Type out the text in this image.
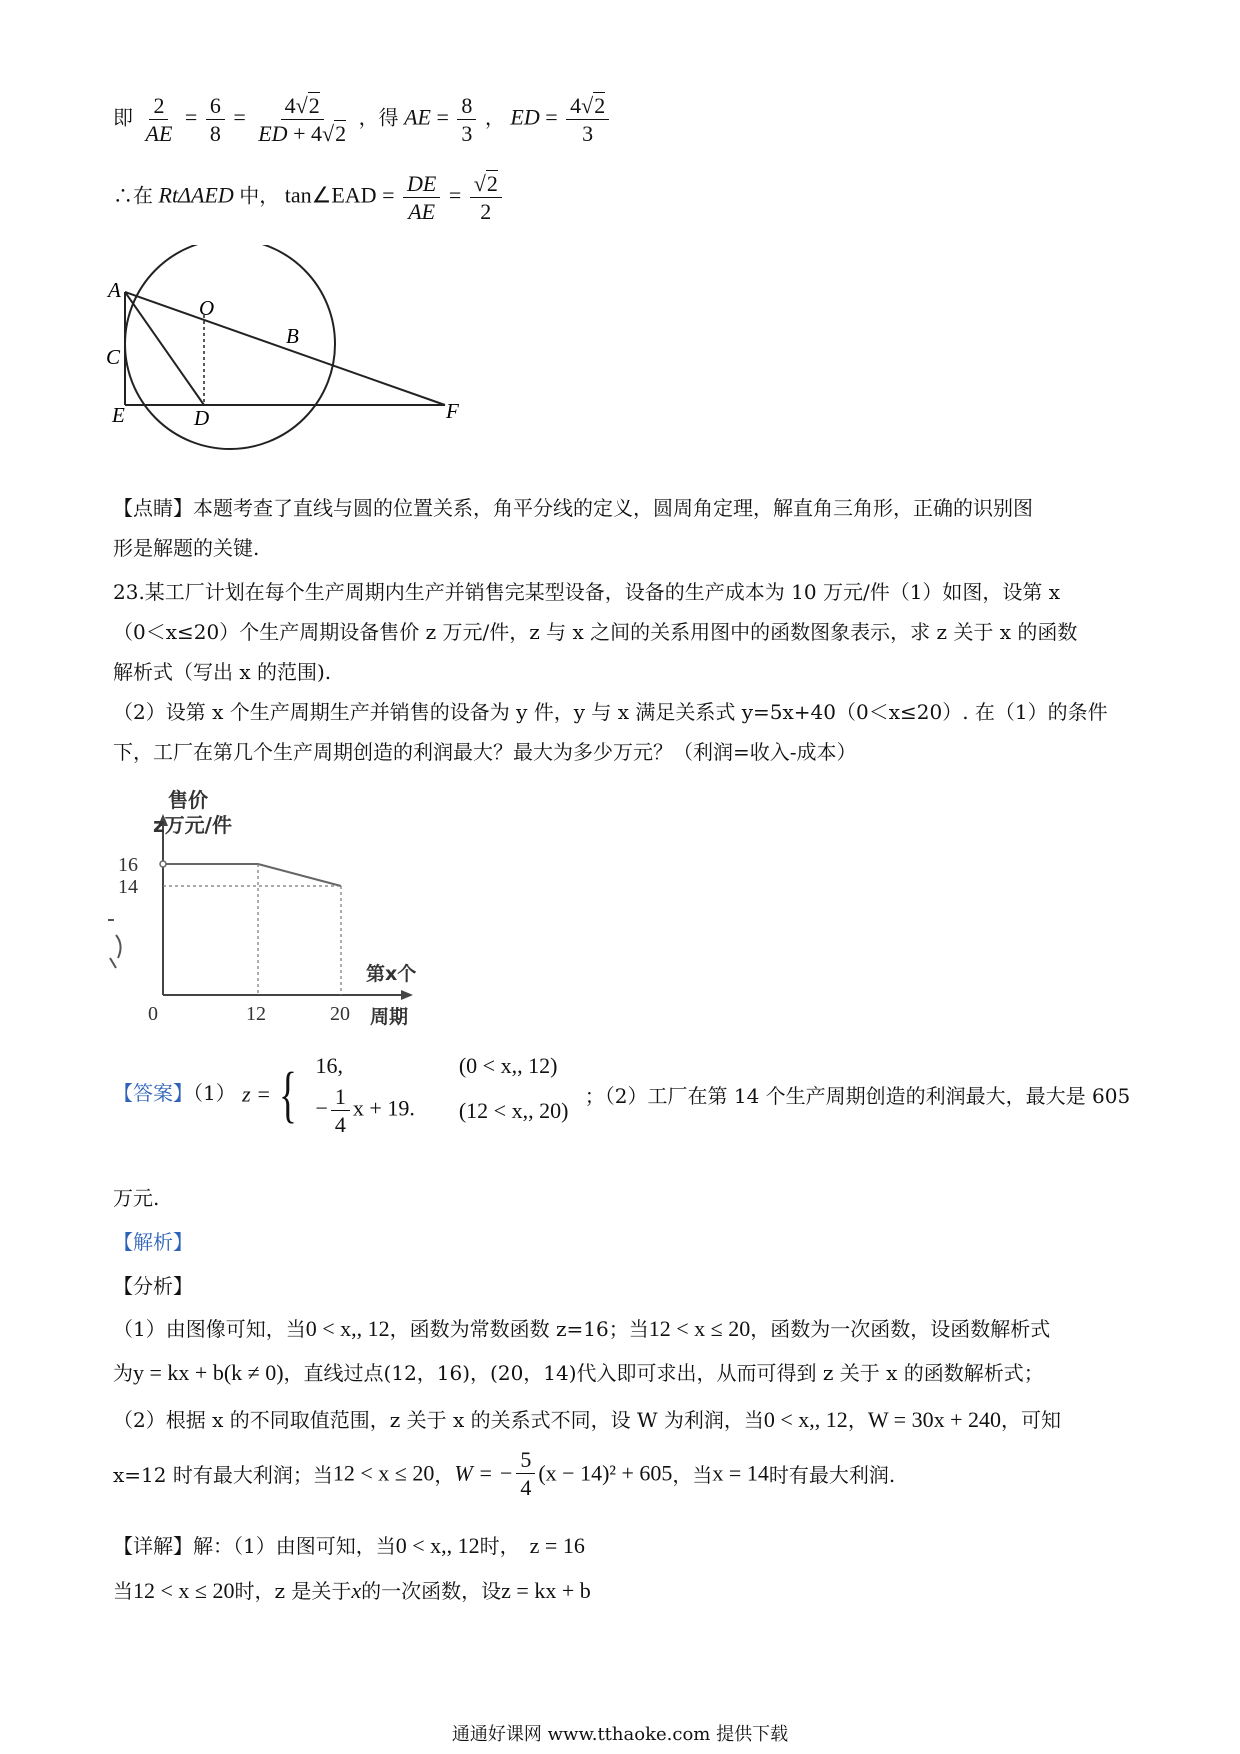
即 $\frac{2}{AE} = \frac{6}{8} = \frac{4√2}{ED + 4√2}$ ，得 AE = $\frac{8}{3}$ ， ED = $\frac{4√2}{3}$
∴在 RtΔAED 中， tan∠EAD = $\frac{DE}{AE} = \frac{√2}{2}$
A
O
B
C
E	D	F
【点睛】本题考查了直线与圆的位置关系，角平分线的定义，圆周角定理，解直角三角形，正确的识别图
形是解题的关键.
23.某工厂计划在每个生产周期内生产并销售完某型设备，设备的生产成本为 10 万元/件（1）如图，设第 x
（0＜x≤20）个生产周期设备售价 z 万元/件，z 与 x 之间的关系用图中的函数图象表示，求 z 关于 x 的函数
解析式（写出 x 的范围).
（2）设第 x 个生产周期生产并销售的设备为 y 件，y 与 x 满足关系式 y=5x+40（0＜x≤20）. 在（1）的条件
下，工厂在第几个生产周期创造的利润最大？最大为多少万元？（利润=收入-成本）
售价
z万元/件
16
14
0	12	20
第x个
周期
【答案】（1） z = { 16,	(0 < x,, 12)
− $\frac{1}{4}$ x + 19.	(12 < x,, 20) ；（2）工厂在第 14 个生产周期创造的利润最大，最大是 605
万元.
【解析】
【分析】
（1）由图像可知，当0 < x,, 12，函数为常数函数 z=16；当12 < x ≤ 20，函数为一次函数，设函数解析式
为y = kx + b(k ≠ 0)，直线过点(12，16)，(20，14)代入即可求出，从而可得到 z 关于 x 的函数解析式；
（2）根据 x 的不同取值范围，z 关于 x 的关系式不同，设 W 为利润，当0 < x,, 12，W = 30x + 240，可知
x=12 时有最大利润；当12 < x ≤ 20，W = − $\frac{5}{4} (x - 14)^2 + 605$，当x = 14时有最大利润.
【详解】解：（1）由图可知，当0 < x,, 12时， z = 16
当12 < x ≤ 20时，z 是关于x的一次函数，设z = kx + b
通通好课网 www.tthaoke.com 提供下载
